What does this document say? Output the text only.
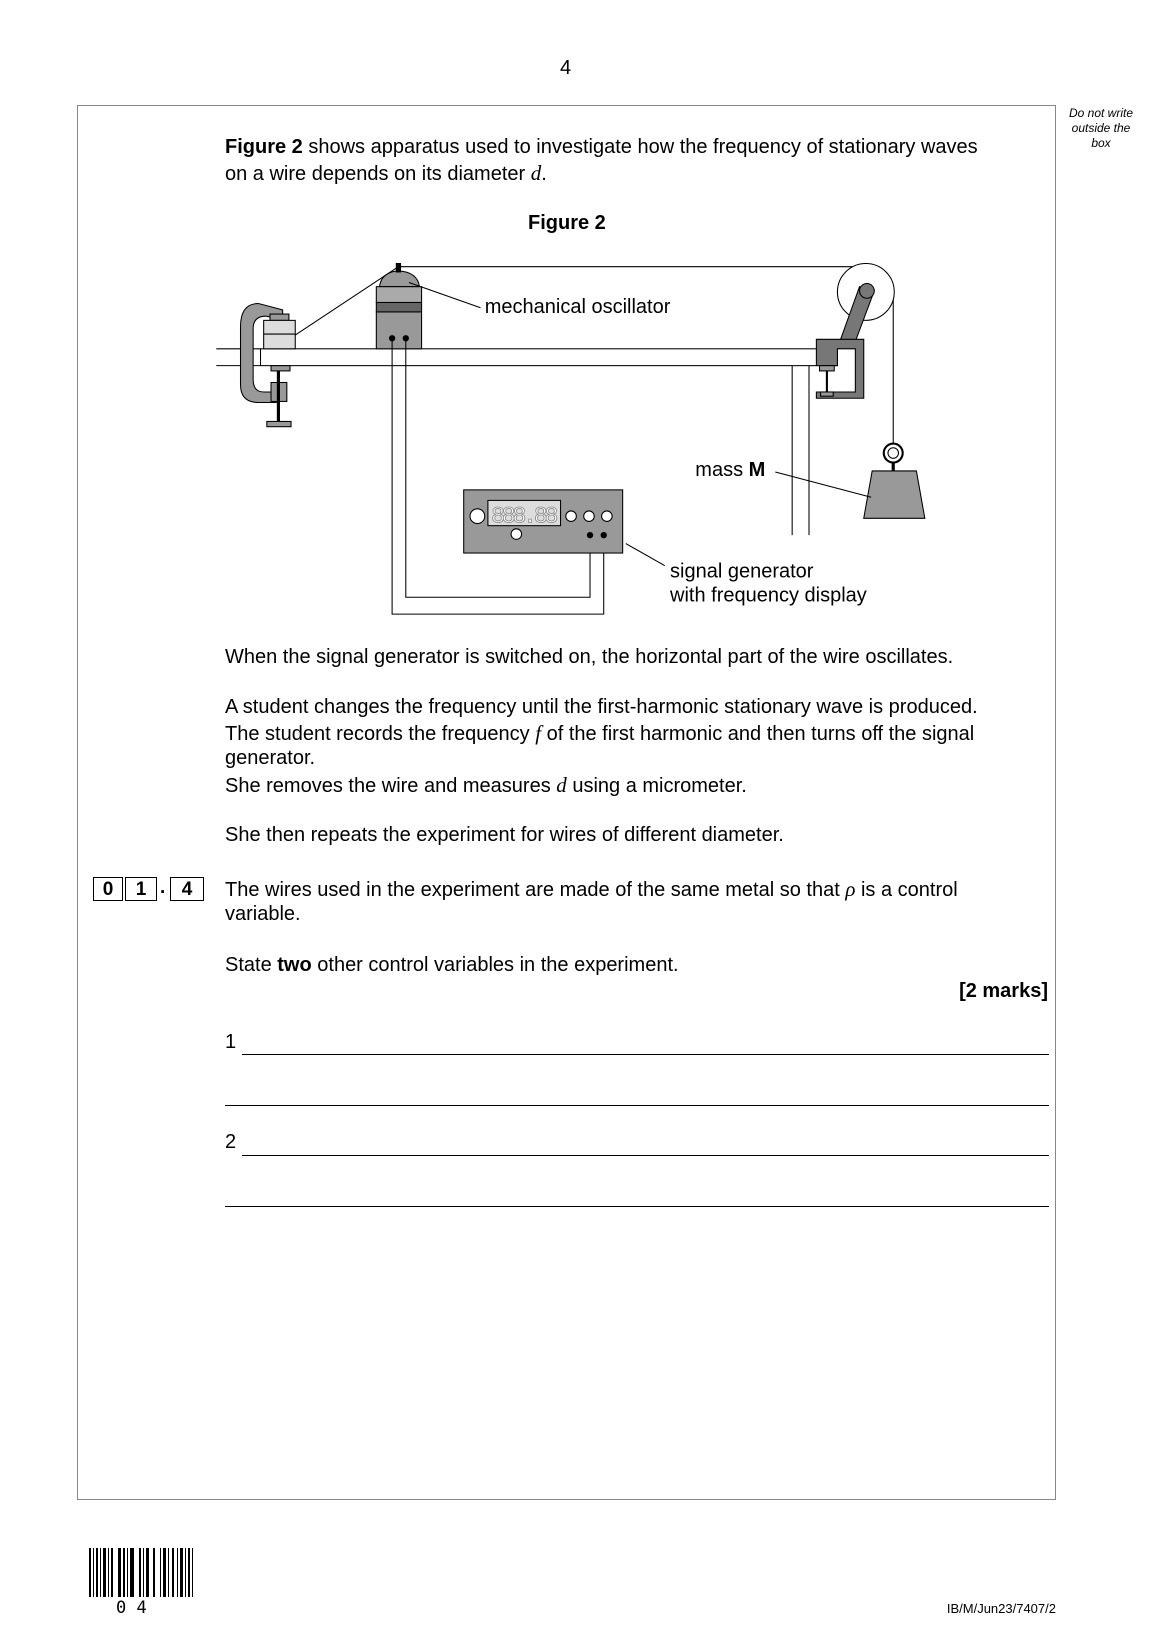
4
Do not write
outside the
box
Figure 2 shows apparatus used to investigate how the frequency of stationary waves
on a wire depends on its diameter d.
Figure 2
888.88
mechanical oscillator
mass M
signal generator
with frequency display
When the signal generator is switched on, the horizontal part of the wire oscillates.
A student changes the frequency until the first-harmonic stationary wave is produced.
The student records the frequency f of the first harmonic and then turns off the signal
generator.
She removes the wire and measures d using a micrometer.
She then repeats the experiment for wires of different diameter.
0	1 . 4	The wires used in the experiment are made of the same metal so that ρ is a control
variable.
State two other control variables in the experiment.
[2 marks]
1
2
0 4	IB/M/Jun23/7407/2
